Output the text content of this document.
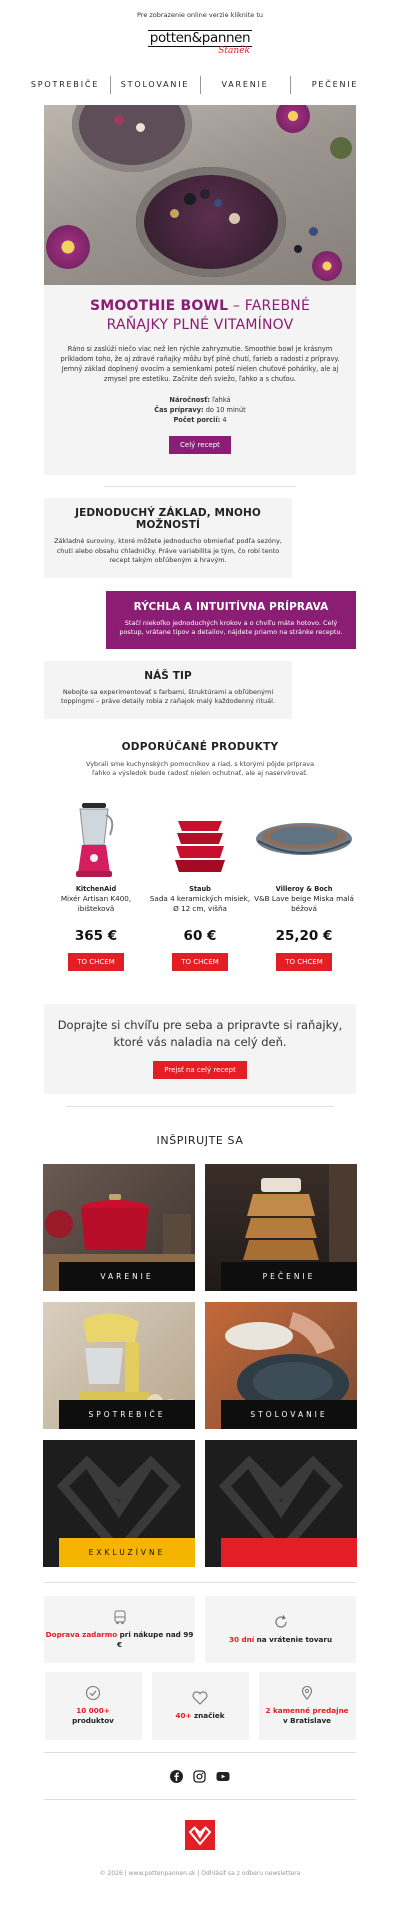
Pre zobrazenie online verzie kliknite tu
potten&pannen
Staněk
SPOTREBIČE	STOLOVANIE	VARENIE	PEČENIE
SMOOTHIE BOWL – FAREBNÉ RAŇAJKY PLNÉ VITAMÍNOV
Ráno si zaslúži niečo viac než len rýchle zahryznutie. Smoothie bowl je krásnym príkladom toho, že aj zdravé raňajky môžu byť plné chutí, farieb a radosti z prípravy. Jemný základ doplnený ovocím a semienkami poteší nielen chuťové poháriky, ale aj zmysel pre estetiku. Začnite deň sviežo, ľahko a s chuťou.
Náročnosť: ľahká
Čas prípravy: do 10 minút
Počet porcií: 4
Celý recept
JEDNODUCHÝ ZÁKLAD, MNOHO MOŽNOSTÍ
Základné suroviny, ktoré môžete jednoducho obmieňať podľa sezóny, chuti alebo obsahu chladničky. Práve variabilita je tým, čo robí tento recept takým obľúbeným a hravým.
RÝCHLA A INTUITÍVNA PRÍPRAVA
Stačí niekoľko jednoduchých krokov a o chvíľu máte hotovo. Celý postup, vrátane tipov a detailov, nájdete priamo na stránke receptu.
NÁŠ TIP
Nebojte sa experimentovať s farbami, štruktúrami a obľúbenými toppingmi – práve detaily robia z raňajok malý každodenný rituál.
ODPORÚČANÉ PRODUKTY
Vybrali sme kuchynských pomocníkov a riad, s ktorými pôjde príprava ľahko a výsledok bude radosť nielen ochutnať, ale aj naservírovať.
KitchenAid
Mixér Artisan K400, ibištekovä
365 €
TO CHCEM
Staub
Sada 4 keramických misiek, Ø 12 cm, višňa
60 €
TO CHCEM
Villeroy & Boch
V&B Lave beige Miska malá béžová
25,20 €
TO CHCEM
Doprajte si chvíľu pre seba a pripravte si raňajky, ktoré vás naladia na celý deň.
Prejsť na celý recept
INŠPIRUJTE SA
VARENIE	PEČENIE
SPOTREBIČE	STOLOVANIE
EXKLUZÍVNE	AKCE A TIPY
Doprava zadarmo pri nákupe nad 99 €
30 dní na vrátenie tovaru
10 000+
produktov
40+ značiek
2 kamenné predajne
v Bratislave
© 2026 | www.pottenpannen.sk | Odhlásiť sa z odberu newslettera
